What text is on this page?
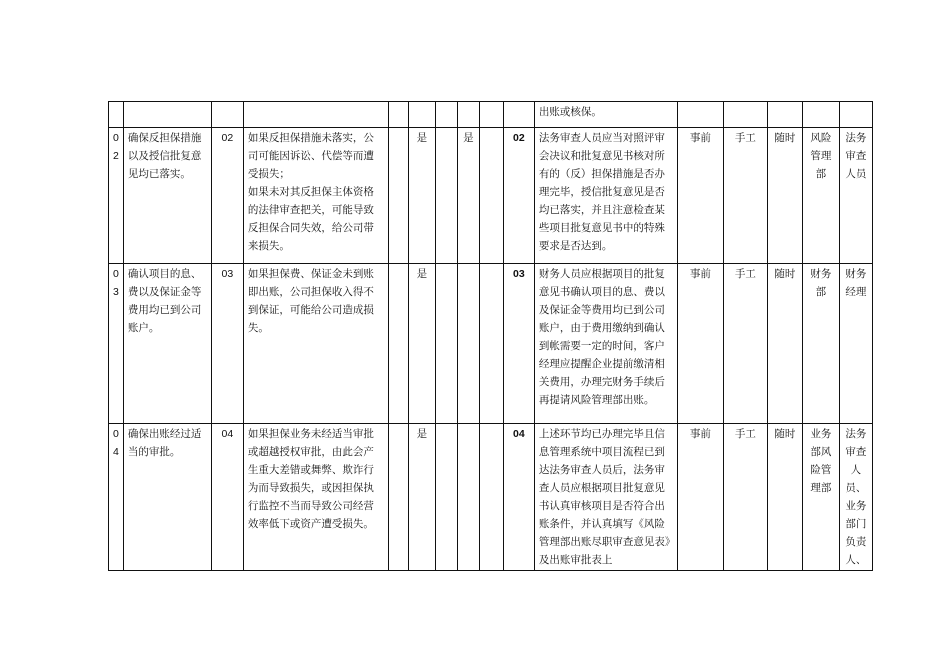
										出账或核保。					
02	确保反担保措施以及授信批复意见均已落实。	02	如果反担保措施未落实，公司可能因诉讼、代偿等而遭受损失；
如果未对其反担保主体资格的法律审查把关，可能导致反担保合同失效，给公司带来损失。		是		是		02	法务审查人员应当对照评审会决议和批复意见书核对所有的（反）担保措施是否办理完毕，授信批复意见是否均已落实，并且注意检查某些项目批复意见书中的特殊要求是否达到。	事前	手工	随时	风险管理部	法务审查人员
03	确认项目的息、费以及保证金等费用均已到公司账户。	03	如果担保费、保证金未到账即出账，公司担保收入得不到保证，可能给公司造成损失。		是				03	财务人员应根据项目的批复意见书确认项目的息、费以及保证金等费用均已到公司账户，由于费用缴纳到确认到帐需要一定的时间，客户经理应提醒企业提前缴清相关费用，办理完财务手续后再提请风险管理部出账。	事前	手工	随时	财务部	财务经理
04	确保出账经过适当的审批。	04	如果担保业务未经适当审批或超越授权审批，由此会产生重大差错或舞弊、欺诈行为而导致损失，或因担保执行监控不当而导致公司经营效率低下或资产遭受损失。		是				04	上述环节均已办理完毕且信息管理系统中项目流程已到达法务审查人员后，法务审查人员应根据项目批复意见书认真审核项目是否符合出账条件，并认真填写《风险管理部出账尽职审查意见表》及出账审批表上	事前	手工	随时	业务部风险管理部	法务审查人员、业务部门负责人、
